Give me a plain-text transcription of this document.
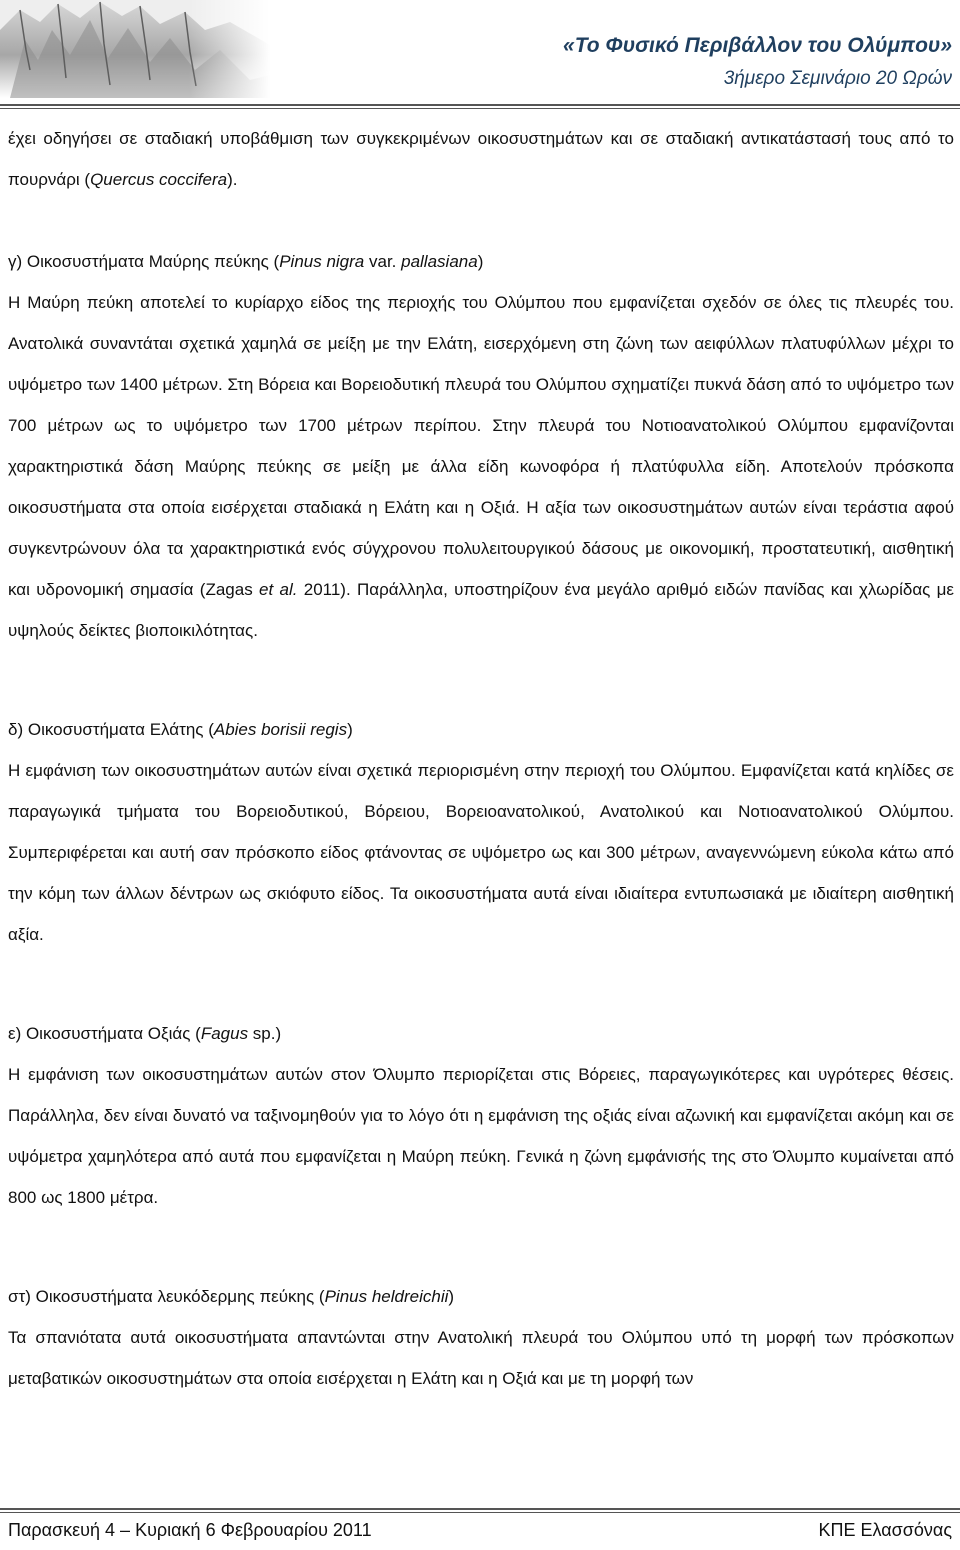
«Το Φυσικό Περιβάλλον του Ολύμπου»
3ήμερο Σεμινάριο 20 Ωρών

έχει οδηγήσει σε σταδιακή υποβάθμιση των συγκεκριμένων οικοσυστημάτων και σε σταδιακή αντικατάστασή τους από το πουρνάρι (Quercus coccifera).

γ) Οικοσυστήματα Μαύρης πεύκης (Pinus nigra var. pallasiana)

Η Μαύρη πεύκη αποτελεί το κυρίαρχο είδος της περιοχής του Ολύμπου που εμφανίζεται σχεδόν σε όλες τις πλευρές του. Ανατολικά συναντάται σχετικά χαμηλά σε μείξη με την Ελάτη, εισερχόμενη στη ζώνη των αειφύλλων πλατυφύλλων μέχρι το υψόμετρο των 1400 μέτρων. Στη Βόρεια και Βορειοδυτική πλευρά του Ολύμπου σχηματίζει πυκνά δάση από το υψόμετρο των 700 μέτρων ως το υψόμετρο των 1700 μέτρων περίπου. Στην πλευρά του Νοτιοανατολικού Ολύμπου εμφανίζονται χαρακτηριστικά δάση Μαύρης πεύκης σε μείξη με άλλα είδη κωνοφόρα ή πλατύφυλλα είδη. Αποτελούν πρόσκοπα οικοσυστήματα στα οποία εισέρχεται σταδιακά η Ελάτη και η Οξιά. Η αξία των οικοσυστημάτων αυτών είναι τεράστια αφού συγκεντρώνουν όλα τα χαρακτηριστικά ενός σύγχρονου πολυλειτουργικού δάσους με οικονομική, προστατευτική, αισθητική και υδρονομική σημασία (Zagas et al. 2011). Παράλληλα, υποστηρίζουν ένα μεγάλο αριθμό ειδών πανίδας και χλωρίδας με υψηλούς δείκτες βιοποικιλότητας.

δ) Οικοσυστήματα Ελάτης (Abies borisii regis)

Η εμφάνιση των οικοσυστημάτων αυτών είναι σχετικά περιορισμένη στην περιοχή του Ολύμπου. Εμφανίζεται κατά κηλίδες σε παραγωγικά τμήματα του Βορειοδυτικού, Βόρειου, Βορειοανατολικού, Ανατολικού και Νοτιοανατολικού Ολύμπου. Συμπεριφέρεται και αυτή σαν πρόσκοπο είδος φτάνοντας σε υψόμετρο ως και 300 μέτρων, αναγεννώμενη εύκολα κάτω από την κόμη των άλλων δέντρων ως σκιόφυτο είδος. Τα οικοσυστήματα αυτά είναι ιδιαίτερα εντυπωσιακά με ιδιαίτερη αισθητική αξία.

ε) Οικοσυστήματα Οξιάς (Fagus sp.)

Η εμφάνιση των οικοσυστημάτων αυτών στον Όλυμπο περιορίζεται στις Βόρειες, παραγωγικότερες και υγρότερες θέσεις. Παράλληλα, δεν είναι δυνατό να ταξινομηθούν για το λόγο ότι η εμφάνιση της οξιάς είναι αζωνική και εμφανίζεται ακόμη και σε υψόμετρα χαμηλότερα από αυτά που εμφανίζεται η Μαύρη πεύκη. Γενικά η ζώνη εμφάνισής της στο Όλυμπο κυμαίνεται από 800 ως 1800 μέτρα.

στ) Οικοσυστήματα λευκόδερμης πεύκης (Pinus heldreichii)

Τα σπανιότατα αυτά οικοσυστήματα απαντώνται στην Ανατολική πλευρά του Ολύμπου υπό τη μορφή των πρόσκοπων μεταβατικών οικοσυστημάτων στα οποία εισέρχεται η Ελάτη και η Οξιά και με τη μορφή των

Παρασκευή 4 – Κυριακή 6 Φεβρουαρίου 2011	ΚΠΕ Ελασσόνας
